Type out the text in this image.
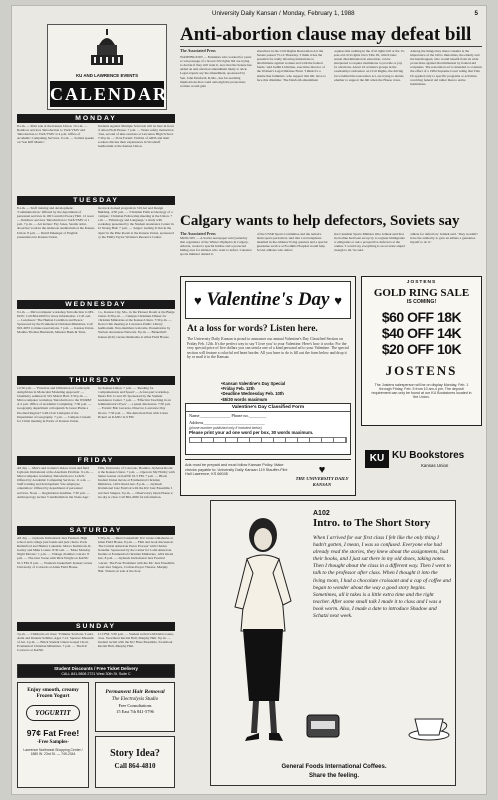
University Daily Kansan / Monday, February 1, 1988	5
KU AND LAWRENCE EVENTS
CALENDAR
MONDAY
8 a.m. — Print sale at the Kansas Union. 10 a.m. — Rainbow services 'Introduction to VAX/VMS' and 'Introduction to VAX/VMS' at 4 p.m. Office of Academic Computing Services. 9 a.m. — Soltani speaks on 'Son Riff Musiic.'
Students Against Multiple Sclerosis will be here in front of Allen Field House. 7 p.m. — Water safety instruction class, second of nine sessions at Lawrence High School. 7:30 p.m. — SUA Forum: Victims of AIDS and their workers discuss their experiences in Woodruff Auditorium at the Kansas Union.
TUESDAY
8 a.m. — Staff training and development: 'Communication.' Offered by the department of personnel services in 100 Carruth O'Leary Hall. 12 noon — Rainbow services 'Introduction to VAX/VMS' at 1 p.m. 7 p.m. — Art lecture: Fay Jones, Seattle artist, about her work in the Alderson Auditorium at the Kansas Union. 8 p.m. — David Pakenger of English presentation in Kansas Union.
the truck docked program in 319 Art and Design Building. 4:30 p.m. — 'Christian Faith as Ideology of a Campus.' Christian Fellowship meeting at the Union. 7 p.m. — 'Ethnology and Language,' a study with workshop presented by the Student Assistance Center in 22 Strong Hall. 7 p.m. — 'Anger: Getting It Out in the Open' in the Pine Room at the Kansas Union, sponsored by the Emily Taylor Women's Resource Center.
WEDNESDAY
9 a.m. — Microcomputer workshop 'Introduction to MS-DOS.' Call 864-0200 for more information. 11:45 a.m. — Luncheon: 'The Human Condition and Peace.' Sponsored by the Ecumenical Christian Ministries. Call 843-4933 to make reservations. 7 p.m. — Kansas Union. Monika Thomas Burnstein, Mission Bank & Trust.
Co., Kansas City, Mo., in the Pioneer Room at the Burge Union. 6:30 p.m. — Campus Christians Dinner for Christian Ministries at the Kansas Union. 7:30 p.m. — Sierra Club meeting at Lawrence Public Library Auditorium. Non-members welcome. Presentation by Nuclear Awareness Network. 8 p.m. — Basketball: Kansas (KU) versus Oklahoma at Allen Field House.
THURSDAY
12:30 p.m. — 'Function and Utilization of Carboxylic Anhydrides in Molecular Modeling Approach' — Chemistry seminar in 501 Malott Hall. 3:30 p.m. — Microcomputer workshop 'Introduction to the WORM' at 4 p.m. Office of Academic Computing. 7:30 p.m. — Geography department colloquium 'Is Great Plains a Doomed Region?' with Clair Lindquist of the Department of Geography. 7 p.m. — Campus Crusade for Christ meeting in Parlor of Kansas Union.
the Kansas Union. 7 p.m. — 'Reading for Comprehension and Speed' — A four-part workshop. Meets Feb 11 and 18. Sponsored by the Student Assistance Center. 7 p.m. — 'Effective Teaching in an Administrator's Eyes' — a panel discussion. 7:30 p.m. — Forum: Bob Gavazza, Director, Lawrence Day Shows. 7:30 p.m. — The American Past with Carter Pickett on KANU in 9 FM.
FRIDAY
All day — Men's and women's indoor track and field Jayhawk Invitational at the Anschutz Pavilion. 9 a.m. — Microcomputer workshop 'Introduction to LaTeX.' Offered by Academic Computing Services. 11 a.m. — Staff training and development 'Use employee orientation.' Offered by department of personnel services. Noon — Registration deadline. 7:30 p.m. — Anthropology lecture 'Cannibalism in the Stone Age.'
Villa, University of Colorado, Boulder, Jayhawk Room at the Kansas Union. 7 p.m. — Opera in My Hobby with James Gaston on KANU 91.5 FM. 7 p.m. — Black Student Union movie at Ecumenical Christian Ministries, 1204 Oread Ave. 8 p.m. — Jayhawk Invitational Jazz Festival with the KU Jazz Ensemble I and Jazz Singers. 9 p.m. — Observatory Open House 2, the sky is clear. Call 864-4566 for information.
SATURDAY
All day — Jayhawk Invitational Jazz Festival. High school and college jazz bands and jazz choirs. Paris Rutherford and Hamel, Lakeside. Marco Kullstrom, R. Gentry and Mike Lorenz. 8:30 a.m. — 'More Monday Night Movies.' 1 p.m. — Vintage chamber concert. 8 p.m. — The Jazz Scene with Dick Wright on KANU 91.5 FM. 8 p.m. — Women's basketball: Kansas versus University of Colorado at Allen Field House.
3:30 p.m. — Men's basketball: KU versus Oklahoma at Allen Field House. 8 p.m. — Film and book discussion: 'The Central American Peace Process' with Charles Stansifer. Sponsored by the Center for Latin American Studies at Ecumenical Christian Ministries, 1204 Oread Ave. 8 p.m. — Jayhawk Invitational Jazz Festival concert. The Four Freshmen with the KU Jazz Ensemble I and Jazz Singers, Crafton-Preyer Theatre, Murphy Hall. Tickets on sale at the door.
SUNDAY
3 p.m. — Children's art class: 'Trimmer Sections.' Laura Avila and Daniela Schiller. Ages 7-12. Spencer Museum of Art. 4 p.m. — Black Student Union Gospel Choir, Ecumenical Christian Ministries. 7 p.m. — The KU Concerto at KANU.
91.5 FM. 3:30 p.m. — Student recital with Debra Gann, oboe. Swarthout Recital Hall, Murphy Hall. 8 p.m. — Student recital with the KU Flute Ensemble. Swarthout Recital Hall, Murphy Hall.
Student Discounts / Free Ticket Delivery
CALL 841-9808 2721 West 30th St. Suite C
Enjoy smooth, creamy Frozen Yogurt
YOGURTIT
97¢ Fat Free!
-Free Samples-
Lawrence Northwest Shopping Center / 1880 W. 23rd St. — 749-2344
Permanent Hair Removal
The Electrolysis Studio
Free Consultations
15 East 7th 841-5796
Story Idea?
Call 864-4810
Anti-abortion clause may defeat bill
The Associated Press
WASHINGTON — Feminists who worked for years to win passage of a broad civil rights bill are trying to decide if they still want it, now that the Senate has added an anti-abortion amendment likely to stick. Legal experts say the amendment, sponsored by Sen. John Danforth, R-Mo., has far-reaching implications that could outweigh the protections women would gain
elsewhere in the Civil Rights Restoration Act the Senate passed 75-14 Thursday. 'I think it has the potential for really allowing institutions to discriminate against women and with the federal funds,' said Judith Lichtman, executive director of the Women's Legal Defense Fund. 'I think it's a shame that feminists, who support this bill, have to face this dilemma.' The Danforth amendment
requires that nothing in the civil rights bill or the 15-year-old civil rights law's Title IX, which bans sexual discrimination in education, can be interpreted to require institutions to provide or pay for abortions. About 16 women's groups in the Leadership Conference on Civil Rights, the driving force behind the restoration act, are trying to decide whether to support the bill when the House votes.
Among the things they must consider is the importance of the bill to minorities, the elderly and the handicapped, who would benefit from its wide protections against discrimination by federal-aid recipients. The restoration act is intended to overturn the effect of a 1984 Supreme Court ruling that Title IX applied only to specific programs or activities receiving federal aid rather than to entire institutions.
Calgary wants to help defectors, Soviets say
The Associated Press
MOSCOW — A Soviet newspaper said yesterday that organizers of the Winter Olympics in Calgary, Alberta, created a special hotline and a protected hiding area for athletes who want to defect. Canada's sports minister denied it.
of the USSR Sports Committee and the nation's main sports periodical, said that a red telephone installed in the athletes' living quarters and a special guarantee service at Foothills Hospital would help Soviet athletes who defect.
that Canadian Sports Minister Otto Jelinek said that the hotline had been set up by to register immigrants or emigrants or ask a prospective defectors at the Games. 'I would say everything is an accurate stupid enough to all,' he said.
athlete for defection,' Jelinek said. 'They wouldn't have the authority to give an athlete a guarantee myself to do it.'
♥ Valentine's Day ♥
At a loss for words? Listen here.
The University Daily Kansan is proud to announce our annual Valentine's Day Classified Section on Friday Feb. 12th. It's the perfect way to say 'I love you' to your Valentine. Here's how it works: For the very special price of five dollars you can send a one of a kind personal ad to your Valentine. The special section will feature a colorful red heart border. All you have to do is fill out the form below and drop it by or mail it to the Kansan.
•Kansan Valentine's Day Special
•Friday Feb. 12th
•Deadline Wednesday Feb. 10th
•$5/30 words maximum
Valentine's Day Classified Form
Name______________ Phone no.________
Address____________________________
(phone number published only if included below)
Please print your ad one word per box, 30 words maximum.
Ads must be prepaid and must follow Kansan Policy. Make checks payable to: University Daily Kansan 119 Stauffer-Flint Hall Lawrence, KS 66045	♥
THE UNIVERSITY DAILY KANSAN
JOSTENS
GOLD RING SALE
IS COMING!
$60 OFF 18K
$40 OFF 14K
$20 OFF 10K
JOSTENS
The Jostens salesperson will be on display Monday, Feb. 1 through Friday, Feb. 5 from 10 am-4 pm. The deposit requirement can only be found at our KU Bookstores located in the Union.
KU KU Bookstores
Kansas Union
A102
Intro. to The Short Story
When I arrived for our first class I felt like the only thing I hadn't gotten, I mean, I was so confused. Everyone else had already read the stories, they knew about the assignments, had their books, and I just sat there in my old shoes, taking notes. Then I thought about the class in a different way. Then I went to talk to the professor after class. When I thought it into the living room, I had a chocolate croissant and a cup of coffee and began to wonder about the way a good story begins. Sometimes, all it takes is a little extra time and the right teacher. After some small talk I made it to class and I was a book worm. Also, I made a date to introduce Shadow and Schatzi next week.
General Foods International Coffees.
Share the feeling.
